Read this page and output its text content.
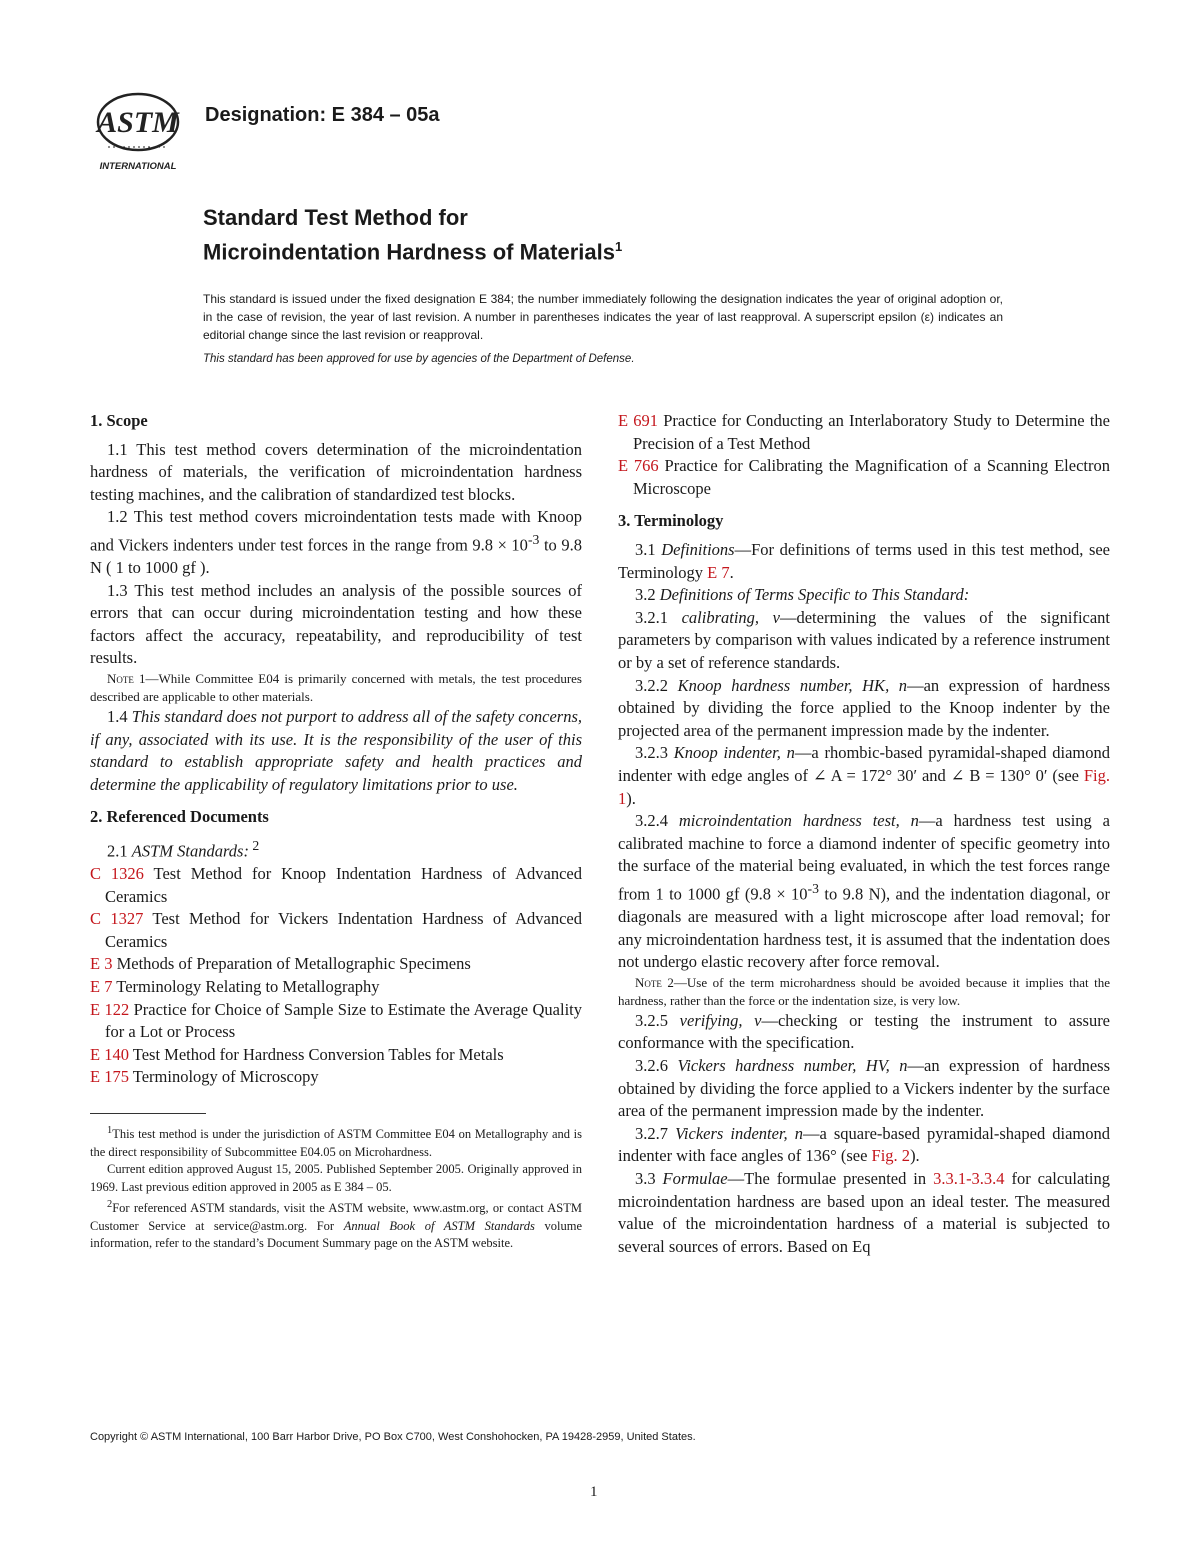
ASTM
INTERNATIONAL
Designation: E 384 – 05a
Standard Test Method for
Microindentation Hardness of Materials$^1$
This standard is issued under the fixed designation E 384; the number immediately following the designation indicates the year of original adoption or, in the case of revision, the year of last revision. A number in parentheses indicates the year of last reapproval. A superscript epsilon (ε) indicates an editorial change since the last revision or reapproval.
This standard has been approved for use by agencies of the Department of Defense.
1. Scope

1.1 This test method covers determination of the microindentation hardness of materials, the verification of microindentation hardness testing machines, and the calibration of standardized test blocks.

1.2 This test method covers microindentation tests made with Knoop and Vickers indenters under test forces in the range from $9.8 \times 10^{-3}$ to 9.8 N ( 1 to 1000 gf ).

1.3 This test method includes an analysis of the possible sources of errors that can occur during microindentation testing and how these factors affect the accuracy, repeatability, and reproducibility of test results.

Note 1—While Committee E04 is primarily concerned with metals, the test procedures described are applicable to other materials.

1.4 This standard does not purport to address all of the safety concerns, if any, associated with its use. It is the responsibility of the user of this standard to establish appropriate safety and health practices and determine the applicability of regulatory limitations prior to use.

2. Referenced Documents

2.1 ASTM Standards: $^2$

C 1326 Test Method for Knoop Indentation Hardness of Advanced Ceramics

C 1327 Test Method for Vickers Indentation Hardness of Advanced Ceramics

E 3 Methods of Preparation of Metallographic Specimens

E 7 Terminology Relating to Metallography

E 122 Practice for Choice of Sample Size to Estimate the Average Quality for a Lot or Process

E 140 Test Method for Hardness Conversion Tables for Metals

E 175 Terminology of Microscopy

$^1$This test method is under the jurisdiction of ASTM Committee E04 on Metallography and is the direct responsibility of Subcommittee E04.05 on Microhardness.

Current edition approved August 15, 2005. Published September 2005. Originally approved in 1969. Last previous edition approved in 2005 as E 384 – 05.

$^2$For referenced ASTM standards, visit the ASTM website, www.astm.org, or contact ASTM Customer Service at service@astm.org. For Annual Book of ASTM Standards volume information, refer to the standard’s Document Summary page on the ASTM website.

E 691 Practice for Conducting an Interlaboratory Study to Determine the Precision of a Test Method

E 766 Practice for Calibrating the Magnification of a Scanning Electron Microscope

3. Terminology

3.1 Definitions—For definitions of terms used in this test method, see Terminology E 7.

3.2 Definitions of Terms Specific to This Standard:

3.2.1 calibrating, v—determining the values of the significant parameters by comparison with values indicated by a reference instrument or by a set of reference standards.

3.2.2 Knoop hardness number, HK, n—an expression of hardness obtained by dividing the force applied to the Knoop indenter by the projected area of the permanent impression made by the indenter.

3.2.3 Knoop indenter, n—a rhombic-based pyramidal-shaped diamond indenter with edge angles of ∠ A = 172° 30′ and ∠ B = 130° 0′ (see Fig. 1).

3.2.4 microindentation hardness test, n—a hardness test using a calibrated machine to force a diamond indenter of specific geometry into the surface of the material being evaluated, in which the test forces range from 1 to 1000 gf ($9.8 \times 10^{-3}$ to 9.8 N), and the indentation diagonal, or diagonals are measured with a light microscope after load removal; for any microindentation hardness test, it is assumed that the indentation does not undergo elastic recovery after force removal.

Note 2—Use of the term microhardness should be avoided because it implies that the hardness, rather than the force or the indentation size, is very low.

3.2.5 verifying, v—checking or testing the instrument to assure conformance with the specification.

3.2.6 Vickers hardness number, HV, n—an expression of hardness obtained by dividing the force applied to a Vickers indenter by the surface area of the permanent impression made by the indenter.

3.2.7 Vickers indenter, n—a square-based pyramidal-shaped diamond indenter with face angles of 136° (see Fig. 2).

3.3 Formulae—The formulae presented in 3.3.1-3.3.4 for calculating microindentation hardness are based upon an ideal tester. The measured value of the microindentation hardness of a material is subjected to several sources of errors. Based on Eq

Copyright © ASTM International, 100 Barr Harbor Drive, PO Box C700, West Conshohocken, PA 19428-2959, United States.
1
